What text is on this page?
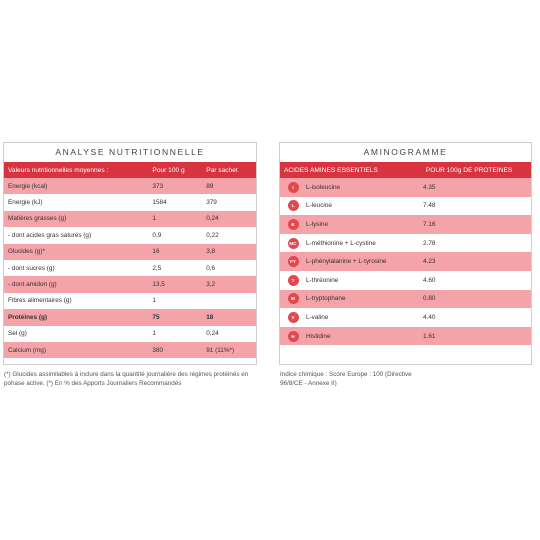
ANALYSE NUTRITIONNELLE
Valeurs nutritionnelles moyennes :	Pour 100 g	Par sachet
Energie (kcal)	373	89
Energie (kJ)	1584	379
Matières grasses (g)	1	0,24
- dont acides gras saturés (g)	0,9	0,22
Glucides (g)*	16	3,8
- dont sucres (g)	2,5	0,6
- dont amidon (g)	13,5	3,2
Fibres alimentaires (g)	1
Protéines (g)	75	18
Sel (g)	1	0,24
Calcium (mg)	380	91 (11%*)
(*) Glucides assimilables à inclure dans la quantité journalière des régimes protéinés en pohase active. (*) En % des Apports Journaliers Recommandés
AMINOGRAMME
ACIDES AMINES ESSENTIELS	POUR 100g DE PROTEINES
I	L-isoleucine	4.35
L	L-leucine	7.48
K	L-lysine	7.16
MC	L-méthionine + L-cystine	2.78
FY	L-phénylalanine + L-tyrosine	4.23
T	L-thréonine	4.60
W	L-tryptophane	0.80
V	L-valine	4.40
H	Histidine	1.61
Indice chimique : Score Europe : 100 (Directive 96/8/CE - Annexe II)
